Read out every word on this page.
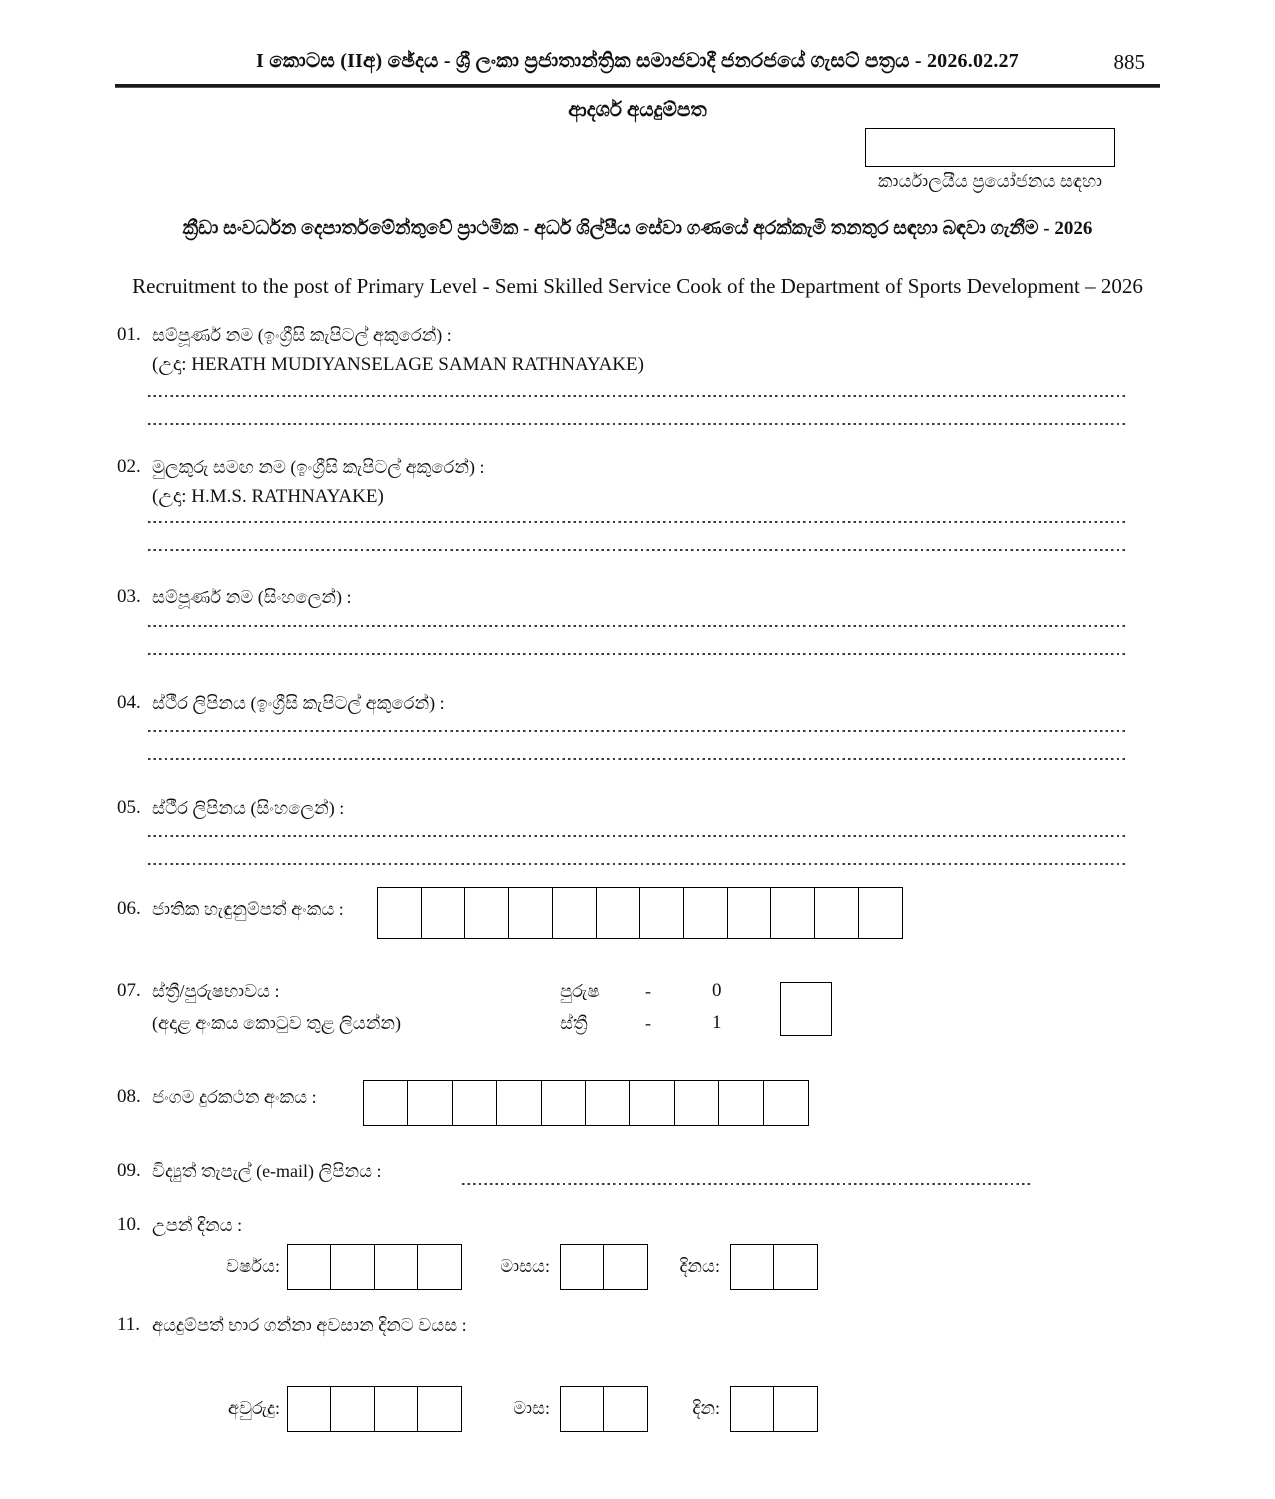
I කොටස (IIඅ) ඡේදය - ශ්‍රී ලංකා ප්‍රජාතාන්ත්‍රික සමාජවාදී ජනරජයේ ගැසට් පත්‍රය - 2026.02.27	885
ආදර්ශ අයදුම්පත
කාර්යාලයීය ප්‍රයෝජනය සඳහා
ක්‍රීඩා සංවර්ධන දෙපාර්තමේන්තුවේ ප්‍රාථමික - අර්ධ ශිල්පීය සේවා ගණයේ අරක්කැමි තනතුර සඳහා බඳවා ගැනීම - 2026
Recruitment to the post of Primary Level - Semi Skilled Service Cook of the Department of Sports Development – 2026
01. සම්පූර්ණ නම (ඉංග්‍රීසි කැපිටල් අකුරෙන්) :
(උදා: HERATH MUDIYANSELAGE SAMAN RATHNAYAKE)
02. මුලකුරු සමඟ නම (ඉංග්‍රීසි කැපිටල් අකුරෙන්) :
(උදා: H.M.S. RATHNAYAKE)
03. සම්පූර්ණ නම (සිංහලෙන්) :
04. ස්ථීර ලිපිනය (ඉංග්‍රීසි කැපිටල් අකුරෙන්) :
05. ස්ථීර ලිපිනය (සිංහලෙන්) :
06. ජාතික හැඳුනුම්පත් අංකය :
07. ස්ත්‍රී/පුරුෂභාවය :
(අදාළ අංකය කොටුව තුළ ලියන්න)
පුරුෂ	-	0
ස්ත්‍රී	-	1
08. ජංගම දුරකථන අංකය :
09. විද්‍යුත් තැපැල් (e-mail) ලිපිනය :
10. උපන් දිනය :
වර්ෂය:	මාසය:	දිනය:
11. අයදුම්පත් භාර ගන්නා අවසාන දිනට වයස :
අවුරුදු:	මාස:	දින:
